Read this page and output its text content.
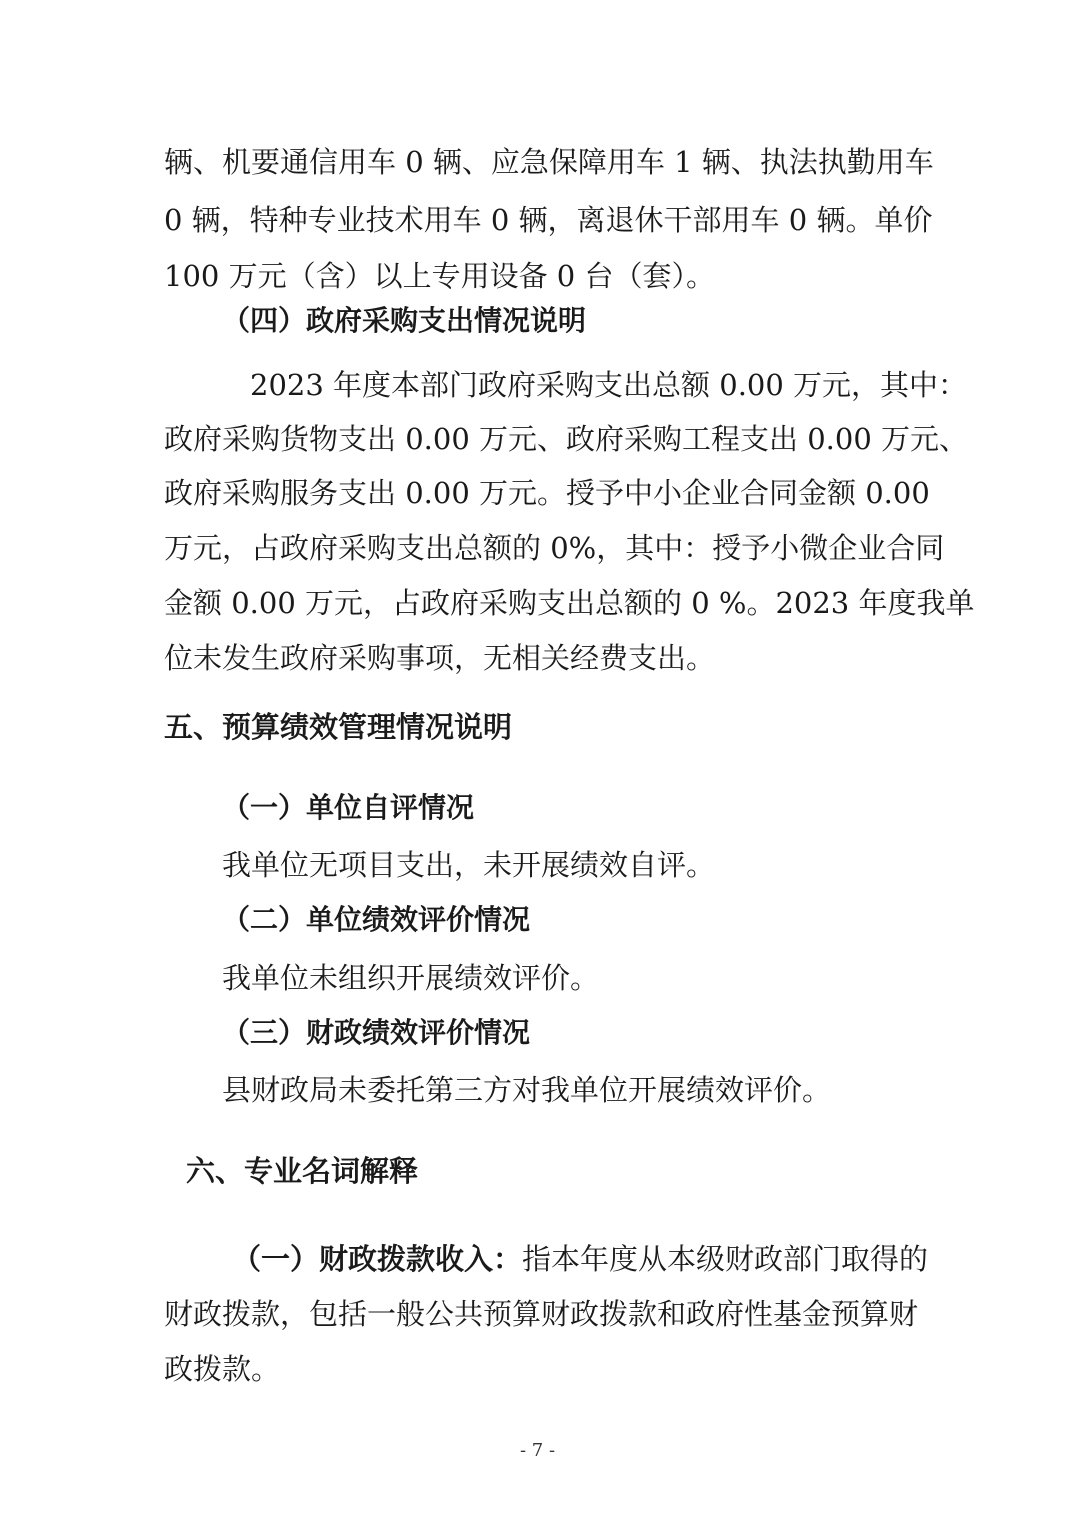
辆、机要通信用车 0 辆、应急保障用车 1 辆、执法执勤用车
0 辆，特种专业技术用车 0 辆，离退休干部用车 0 辆。单价
100 万元（含）以上专用设备 0 台（套）。
（四）政府采购支出情况说明
2023 年度本部门政府采购支出总额 0.00 万元，其中：
政府采购货物支出 0.00 万元、政府采购工程支出 0.00 万元、
政府采购服务支出 0.00 万元。授予中小企业合同金额 0.00
万元，占政府采购支出总额的 0%，其中：授予小微企业合同
金额 0.00 万元，占政府采购支出总额的 0 %。2023 年度我单
位未发生政府采购事项，无相关经费支出。
五、预算绩效管理情况说明
（一）单位自评情况
我单位无项目支出，未开展绩效自评。
（二）单位绩效评价情况
我单位未组织开展绩效评价。
（三）财政绩效评价情况
县财政局未委托第三方对我单位开展绩效评价。
六、专业名词解释
（一）财政拨款收入：指本年度从本级财政部门取得的
财政拨款，包括一般公共预算财政拨款和政府性基金预算财
政拨款。
- 7 -
